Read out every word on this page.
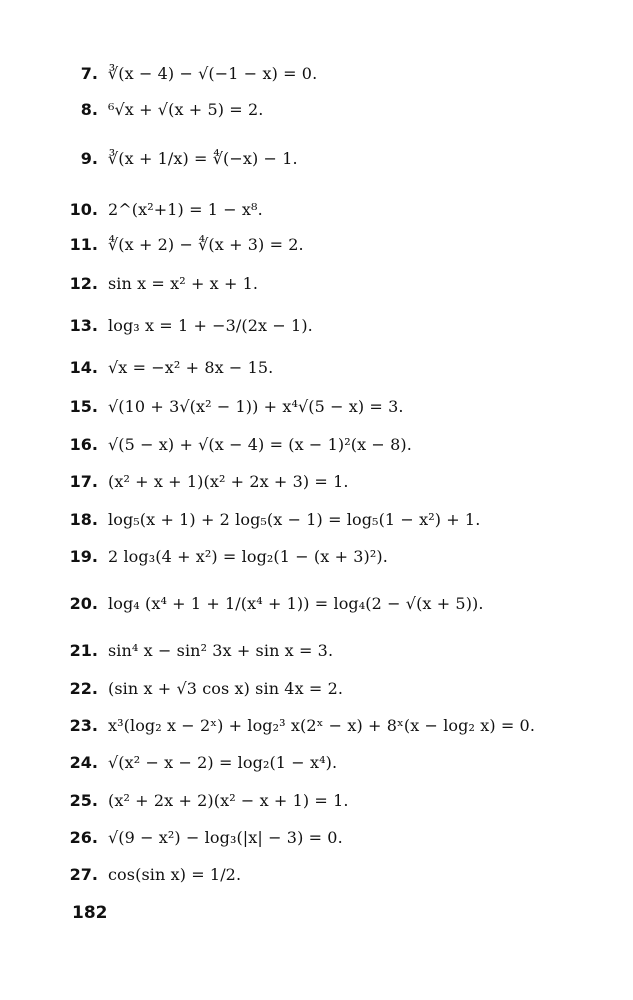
7. ∛(x − 4) − √(−1 − x) = 0.
8. ⁶√x + √(x + 5) = 2.
9. ∛(x + 1/x) = ∜(−x) − 1.
10. 2^(x²+1) = 1 − x⁸.
11. ∜(x + 2) − ∜(x + 3) = 2.
12. sin x = x² + x + 1.
13. log₃ x = 1 + −3/(2x − 1).
14. √x = −x² + 8x − 15.
15. √(10 + 3√(x² − 1)) + x⁴√(5 − x) = 3.
16. √(5 − x) + √(x − 4) = (x − 1)²(x − 8).
17. (x² + x + 1)(x² + 2x + 3) = 1.
18. log₅(x + 1) + 2 log₅(x − 1) = log₅(1 − x²) + 1.
19. 2 log₃(4 + x²) = log₂(1 − (x + 3)²).
20. log₄ (x⁴ + 1 + 1/(x⁴ + 1)) = log₄(2 − √(x + 5)).
21. sin⁴ x − sin² 3x + sin x = 3.
22. (sin x + √3 cos x) sin 4x = 2.
23. x³(log₂ x − 2ˣ) + log₂³ x(2ˣ − x) + 8ˣ(x − log₂ x) = 0.
24. √(x² − x − 2) = log₂(1 − x⁴).
25. (x² + 2x + 2)(x² − x + 1) = 1.
26. √(9 − x²) − log₃(|x| − 3) = 0.
27. cos(sin x) = 1/2.
182
